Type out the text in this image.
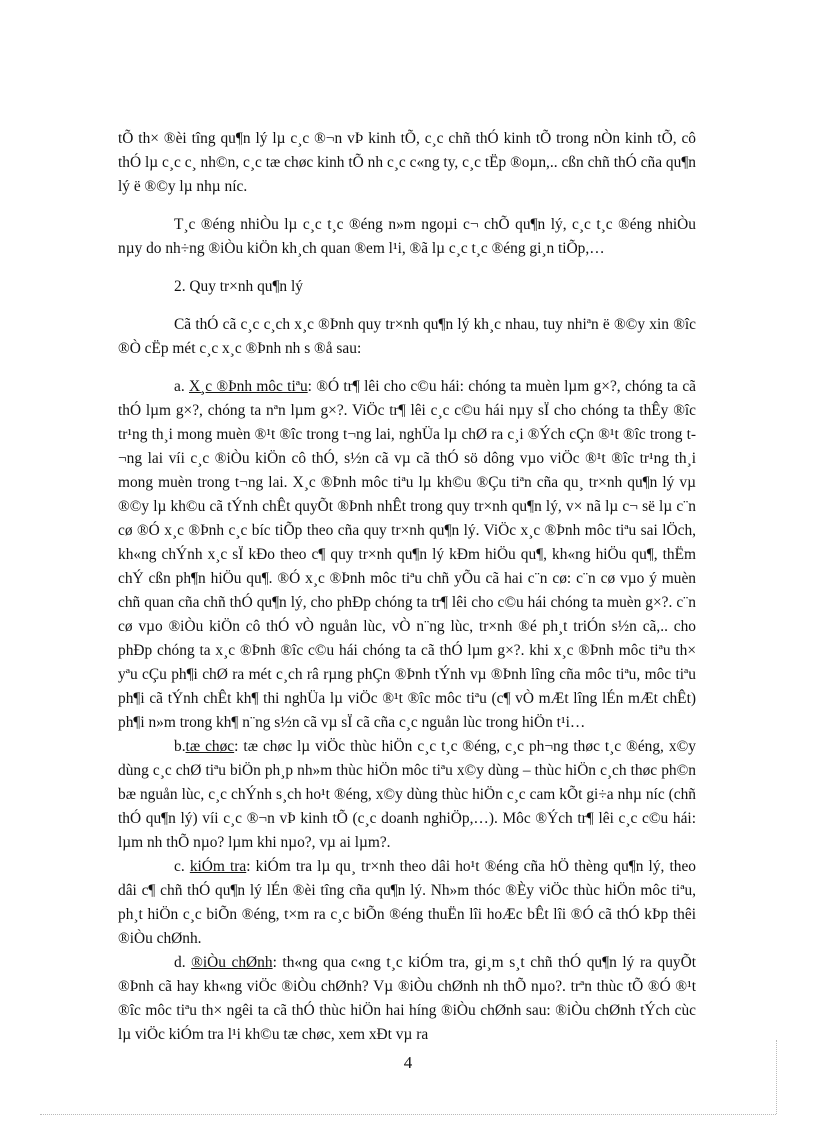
tÕ th× ®èi tîng qu¶n lý lµ c¸c ®¬n vÞ kinh tÕ, c¸c chñ thÓ kinh tÕ trong nÒn kinh tÕ, cô thÓ lµ c¸c c¸ nh©n, c¸c tæ chøc kinh tÕ nh c¸c c«ng ty, c¸c tËp ®oµn,.. cßn chñ thÓ cña qu¶n lý ë ®©y lµ nhµ níc.

T¸c ®éng nhiÒu lµ c¸c t¸c ®éng n»m ngoµi c¬ chÕ qu¶n lý, c¸c t¸c ®éng nhiÒu nµy do nh÷ng ®iÒu kiÖn kh¸ch quan ®em l¹i, ®ã lµ c¸c t¸c ®éng gi¸n tiÕp,…

2. Quy tr×nh qu¶n lý

Cã thÓ cã c¸c c¸ch x¸c ®Þnh quy tr×nh qu¶n lý kh¸c nhau, tuy nhiªn ë ®©y xin ®îc ®Ò cËp mét c¸c x¸c ®Þnh nh s ®å sau:

a. X¸c ®Þnh môc tiªu: ®Ó tr¶ lêi cho c©u hái: chóng ta muèn lµm g×?, chóng ta cã thÓ lµm g×?, chóng ta nªn lµm g×?. ViÖc tr¶ lêi c¸c c©u hái nµy sÏ cho chóng ta thÊy ®îc tr¹ng th¸i mong muèn ®¹t ®îc trong t¬ng lai, nghÜa lµ chØ ra c¸i ®Ých cÇn ®¹t ®îc trong t¬ng lai víi c¸c ®iÒu kiÖn cô thÓ, s½n cã vµ cã thÓ sö dông vµo viÖc ®¹t ®îc tr¹ng th¸i mong muèn trong t¬ng lai. X¸c ®Þnh môc tiªu lµ kh©u ®Çu tiªn cña qu¸ tr×nh qu¶n lý vµ ®©y lµ kh©u cã tÝnh chÊt quyÕt ®Þnh nhÊt trong quy tr×nh qu¶n lý, v× nã lµ c¬ së lµ c¨n cø ®Ó x¸c ®Þnh c¸c bíc tiÕp theo cña quy tr×nh qu¶n lý. ViÖc x¸c ®Þnh môc tiªu sai lÖch, kh«ng chÝnh x¸c sÏ kÐo theo c¶ quy tr×nh qu¶n lý kÐm hiÖu qu¶, kh«ng hiÖu qu¶, thËm chÝ cßn ph¶n hiÖu qu¶. ®Ó x¸c ®Þnh môc tiªu chñ yÕu cã hai c¨n cø: c¨n cø vµo ý muèn chñ quan cña chñ thÓ qu¶n lý, cho phÐp chóng ta tr¶ lêi cho c©u hái chóng ta muèn g×?. c¨n cø vµo ®iÒu kiÖn cô thÓ vÒ nguån lùc, vÒ n¨ng lùc, tr×nh ®é ph¸t triÓn s½n cã,.. cho phÐp chóng ta x¸c ®Þnh ®îc c©u hái chóng ta cã thÓ lµm g×?. khi x¸c ®Þnh môc tiªu th× yªu cÇu ph¶i chØ ra mét c¸ch râ rµng phÇn ®Þnh tÝnh vµ ®Þnh lîng cña môc tiªu, môc tiªu ph¶i cã tÝnh chÊt kh¶ thi nghÜa lµ viÖc ®¹t ®îc môc tiªu (c¶ vÒ mÆt lîng lÉn mÆt chÊt) ph¶i n»m trong kh¶ n¨ng s½n cã vµ sÏ cã cña c¸c nguån lùc trong hiÖn t¹i…

b.tæ chøc: tæ chøc lµ viÖc thùc hiÖn c¸c t¸c ®éng, c¸c ph¬ng thøc t¸c ®éng, x©y dùng c¸c chØ tiªu biÖn ph¸p nh»m thùc hiÖn môc tiªu x©y dùng – thùc hiÖn c¸ch thøc ph©n bæ nguån lùc, c¸c chÝnh s¸ch ho¹t ®éng, x©y dùng thùc hiÖn c¸c cam kÕt gi÷a nhµ níc (chñ thÓ qu¶n lý) víi c¸c ®¬n vÞ kinh tÕ (c¸c doanh nghiÖp,…). Môc ®Ých tr¶ lêi c¸c c©u hái: lµm nh thÕ nµo? lµm khi nµo?, vµ ai lµm?.

c. kiÓm tra: kiÓm tra lµ qu¸ tr×nh theo dâi ho¹t ®éng cña hÖ thèng qu¶n lý, theo dâi c¶ chñ thÓ qu¶n lý lÉn ®èi tîng cña qu¶n lý. Nh»m thóc ®Èy viÖc thùc hiÖn môc tiªu, ph¸t hiÖn c¸c biÕn ®éng, t×m ra c¸c biÕn ®éng thuËn lîi hoÆc bÊt lîi ®Ó cã thÓ kÞp thêi ®iÒu chØnh.

d. ®iÒu chØnh: th«ng qua c«ng t¸c kiÓm tra, gi¸m s¸t chñ thÓ qu¶n lý ra quyÕt ®Þnh cã hay kh«ng viÖc ®iÒu chØnh? Vµ ®iÒu chØnh nh thÕ nµo?. trªn thùc tÕ ®Ó ®¹t ®îc môc tiªu th× ngêi ta cã thÓ thùc hiÖn hai híng ®iÒu chØnh sau: ®iÒu chØnh tÝch cùc lµ viÖc kiÓm tra l¹i kh©u tæ chøc, xem xÐt vµ ra

4
